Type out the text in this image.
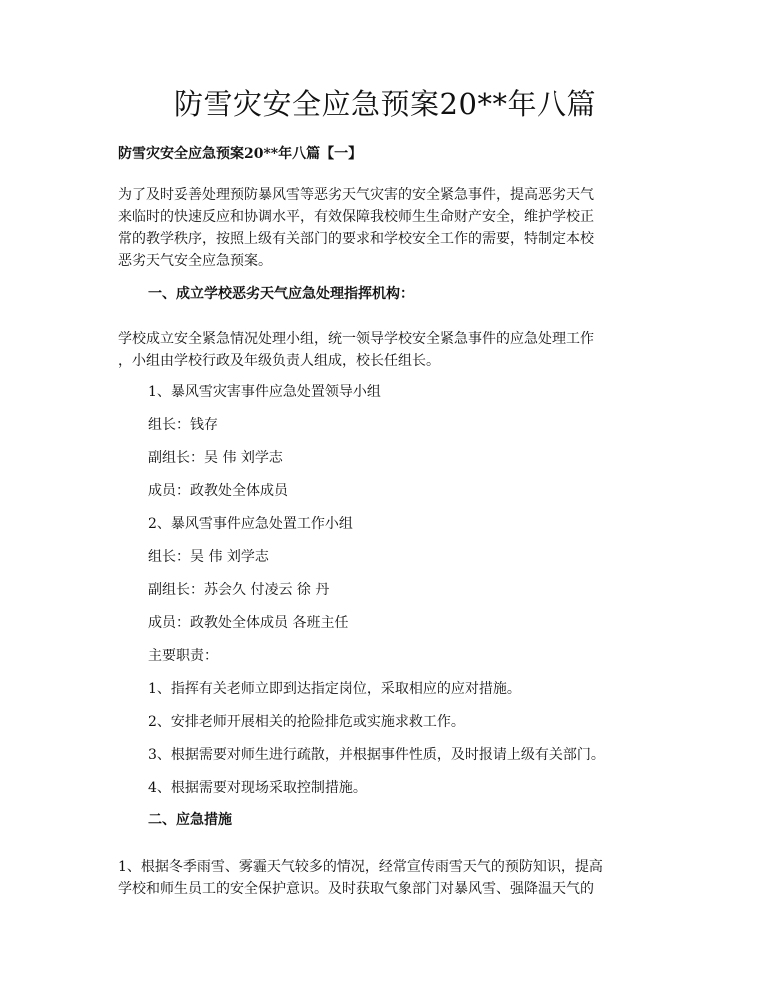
防雪灾安全应急预案20**年八篇
防雪灾安全应急预案20**年八篇【一】
为了及时妥善处理预防暴风雪等恶劣天气灾害的安全紧急事件，提高恶劣天气
来临时的快速反应和协调水平，有效保障我校师生生命财产安全，维护学校正
常的教学秩序，按照上级有关部门的要求和学校安全工作的需要，特制定本校
恶劣天气安全应急预案。
一、成立学校恶劣天气应急处理指挥机构：
学校成立安全紧急情况处理小组，统一领导学校安全紧急事件的应急处理工作
，小组由学校行政及年级负责人组成，校长任组长。
1、暴风雪灾害事件应急处置领导小组
组长：钱存
副组长：吴 伟 刘学志
成员：政教处全体成员
2、暴风雪事件应急处置工作小组
组长：吴 伟 刘学志
副组长：苏会久 付凌云 徐 丹
成员：政教处全体成员 各班主任
主要职责：
1、指挥有关老师立即到达指定岗位，采取相应的应对措施。
2、安排老师开展相关的抢险排危或实施求救工作。
3、根据需要对师生进行疏散，并根据事件性质，及时报请上级有关部门。
4、根据需要对现场采取控制措施。
二、应急措施
1、根据冬季雨雪、雾霾天气较多的情况，经常宣传雨雪天气的预防知识，提高
学校和师生员工的安全保护意识。及时获取气象部门对暴风雪、强降温天气的
